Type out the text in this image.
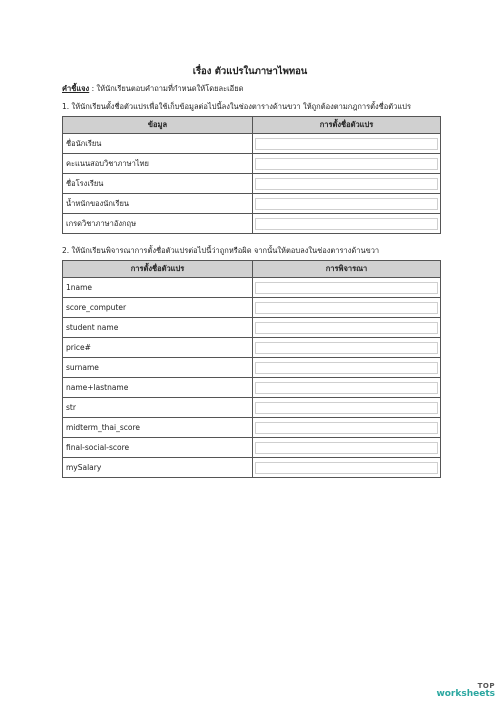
เรื่อง ตัวแปรในภาษาไพทอน
คำชี้แจง : ให้นักเรียนตอบคำถามที่กำหนดให้โดยละเอียด
1. ให้นักเรียนตั้งชื่อตัวแปรเพื่อใช้เก็บข้อมูลต่อไปนี้ลงในช่องตารางด้านขวา ให้ถูกต้องตามกฎการตั้งชื่อตัวแปร
ข้อมูล	การตั้งชื่อตัวแปร
ชื่อนักเรียน	

คะแนนสอบวิชาภาษาไทย	

ชื่อโรงเรียน	

น้ำหนักของนักเรียน	

เกรดวิชาภาษาอังกฤษ	
2. ให้นักเรียนพิจารณาการตั้งชื่อตัวแปรต่อไปนี้ว่าถูกหรือผิด จากนั้นให้ตอบลงในช่องตารางด้านขวา
การตั้งชื่อตัวแปร	การพิจารณา
1name	

score_computer	

student name	

price#	

surname	

name+lastname	

str	

midterm_thai_score	

final-social-score	

mySalary	
TOP
worksheets
